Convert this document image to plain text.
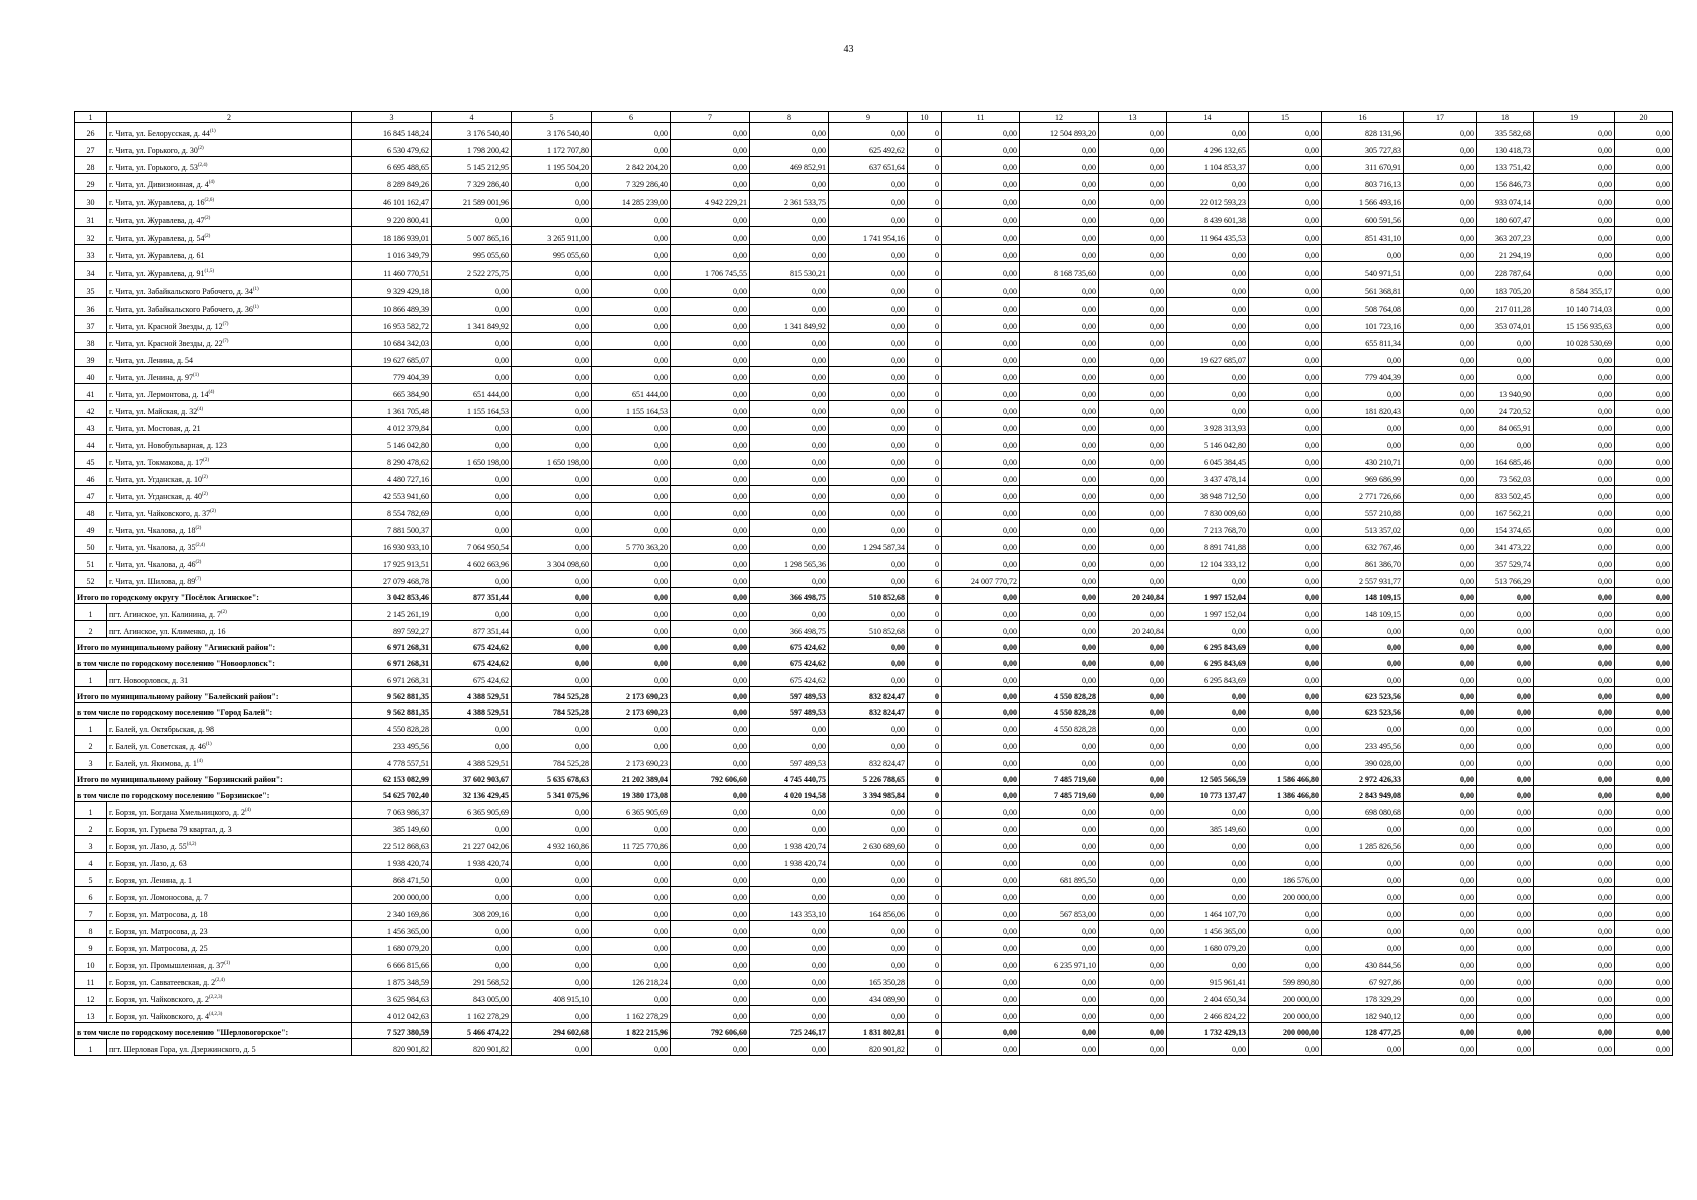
43
1	2	3	4	5	6	7	8	9	10	11	12	13	14	15	16	17	18	19	20
26	г. Чита, ул. Белорусская, д. 44$^{(1)}$	16 845 148,24	3 176 540,40	3 176 540,40	0,00	0,00	0,00	0,00	0	0,00	12 504 893,20	0,00	0,00	0,00	828 131,96	0,00	335 582,68	0,00	0,00
27	г. Чита, ул. Горького, д. 30$^{(2)}$	6 530 479,62	1 798 200,42	1 172 707,80	0,00	0,00	0,00	625 492,62	0	0,00	0,00	0,00	4 296 132,65	0,00	305 727,83	0,00	130 418,73	0,00	0,00
28	г. Чита, ул. Горького, д. 53$^{(2,4)}$	6 695 488,65	5 145 212,95	1 195 504,20	2 842 204,20	0,00	469 852,91	637 651,64	0	0,00	0,00	0,00	1 104 853,37	0,00	311 670,91	0,00	133 751,42	0,00	0,00
29	г. Чита, ул. Дивизионная, д. 4$^{(4)}$	8 289 849,26	7 329 286,40	0,00	7 329 286,40	0,00	0,00	0,00	0	0,00	0,00	0,00	0,00	0,00	803 716,13	0,00	156 846,73	0,00	0,00
30	г. Чита, ул. Журавлева, д. 16$^{(2,6)}$	46 101 162,47	21 589 001,96	0,00	14 285 239,00	4 942 229,21	2 361 533,75	0,00	0	0,00	0,00	0,00	22 012 593,23	0,00	1 566 493,16	0,00	933 074,14	0,00	0,00
31	г. Чита, ул. Журавлева, д. 47$^{(2)}$	9 220 800,41	0,00	0,00	0,00	0,00	0,00	0,00	0	0,00	0,00	0,00	8 439 601,38	0,00	600 591,56	0,00	180 607,47	0,00	0,00
32	г. Чита, ул. Журавлева, д. 54$^{(2)}$	18 186 939,01	5 007 865,16	3 265 911,00	0,00	0,00	0,00	1 741 954,16	0	0,00	0,00	0,00	11 964 435,53	0,00	851 431,10	0,00	363 207,23	0,00	0,00
33	г. Чита, ул. Журавлева, д. 61	1 016 349,79	995 055,60	995 055,60	0,00	0,00	0,00	0,00	0	0,00	0,00	0,00	0,00	0,00	0,00	0,00	21 294,19	0,00	0,00
34	г. Чита, ул. Журавлева, д. 91$^{(1,5)}$	11 460 770,51	2 522 275,75	0,00	0,00	1 706 745,55	815 530,21	0,00	0	0,00	8 168 735,60	0,00	0,00	0,00	540 971,51	0,00	228 787,64	0,00	0,00
35	г. Чита, ул. Забайкальского Рабочего, д. 34$^{(1)}$	9 329 429,18	0,00	0,00	0,00	0,00	0,00	0,00	0	0,00	0,00	0,00	0,00	0,00	561 368,81	0,00	183 705,20	8 584 355,17	0,00
36	г. Чита, ул. Забайкальского Рабочего, д. 36$^{(1)}$	10 866 489,39	0,00	0,00	0,00	0,00	0,00	0,00	0	0,00	0,00	0,00	0,00	0,00	508 764,08	0,00	217 011,28	10 140 714,03	0,00
37	г. Чита, ул. Красной Звезды, д. 12$^{(7)}$	16 953 582,72	1 341 849,92	0,00	0,00	0,00	1 341 849,92	0,00	0	0,00	0,00	0,00	0,00	0,00	101 723,16	0,00	353 074,01	15 156 935,63	0,00
38	г. Чита, ул. Красной Звезды, д. 22$^{(7)}$	10 684 342,03	0,00	0,00	0,00	0,00	0,00	0,00	0	0,00	0,00	0,00	0,00	0,00	655 811,34	0,00	0,00	10 028 530,69	0,00
39	г. Чита, ул. Ленина, д. 54	19 627 685,07	0,00	0,00	0,00	0,00	0,00	0,00	0	0,00	0,00	0,00	19 627 685,07	0,00	0,00	0,00	0,00	0,00	0,00
40	г. Чита, ул. Ленина, д. 97$^{(1)}$	779 404,39	0,00	0,00	0,00	0,00	0,00	0,00	0	0,00	0,00	0,00	0,00	0,00	779 404,39	0,00	0,00	0,00	0,00
41	г. Чита, ул. Лермонтова, д. 14$^{(4)}$	665 384,90	651 444,00	0,00	651 444,00	0,00	0,00	0,00	0	0,00	0,00	0,00	0,00	0,00	0,00	0,00	13 940,90	0,00	0,00
42	г. Чита, ул. Майская, д. 32$^{(4)}$	1 361 705,48	1 155 164,53	0,00	1 155 164,53	0,00	0,00	0,00	0	0,00	0,00	0,00	0,00	0,00	181 820,43	0,00	24 720,52	0,00	0,00
43	г. Чита, ул. Мостовая, д. 21	4 012 379,84	0,00	0,00	0,00	0,00	0,00	0,00	0	0,00	0,00	0,00	3 928 313,93	0,00	0,00	0,00	84 065,91	0,00	0,00
44	г. Чита, ул. Новобульварная, д. 123	5 146 042,80	0,00	0,00	0,00	0,00	0,00	0,00	0	0,00	0,00	0,00	5 146 042,80	0,00	0,00	0,00	0,00	0,00	0,00
45	г. Чита, ул. Токмакова, д. 17$^{(2)}$	8 290 478,62	1 650 198,00	1 650 198,00	0,00	0,00	0,00	0,00	0	0,00	0,00	0,00	6 045 384,45	0,00	430 210,71	0,00	164 685,46	0,00	0,00
46	г. Чита, ул. Угданская, д. 10$^{(2)}$	4 480 727,16	0,00	0,00	0,00	0,00	0,00	0,00	0	0,00	0,00	0,00	3 437 478,14	0,00	969 686,99	0,00	73 562,03	0,00	0,00
47	г. Чита, ул. Угданская, д. 40$^{(2)}$	42 553 941,60	0,00	0,00	0,00	0,00	0,00	0,00	0	0,00	0,00	0,00	38 948 712,50	0,00	2 771 726,66	0,00	833 502,45	0,00	0,00
48	г. Чита, ул. Чайковского, д. 37$^{(2)}$	8 554 782,69	0,00	0,00	0,00	0,00	0,00	0,00	0	0,00	0,00	0,00	7 830 009,60	0,00	557 210,88	0,00	167 562,21	0,00	0,00
49	г. Чита, ул. Чкалова, д. 18$^{(2)}$	7 881 500,37	0,00	0,00	0,00	0,00	0,00	0,00	0	0,00	0,00	0,00	7 213 768,70	0,00	513 357,02	0,00	154 374,65	0,00	0,00
50	г. Чита, ул. Чкалова, д. 35$^{(2,4)}$	16 930 933,10	7 064 950,54	0,00	5 770 363,20	0,00	0,00	1 294 587,34	0	0,00	0,00	0,00	8 891 741,88	0,00	632 767,46	0,00	341 473,22	0,00	0,00
51	г. Чита, ул. Чкалова, д. 46$^{(2)}$	17 925 913,51	4 602 663,96	3 304 098,60	0,00	0,00	1 298 565,36	0,00	0	0,00	0,00	0,00	12 104 333,12	0,00	861 386,70	0,00	357 529,74	0,00	0,00
52	г. Чита, ул. Шилова, д. 89$^{(7)}$	27 079 468,78	0,00	0,00	0,00	0,00	0,00	0,00	6	24 007 770,72	0,00	0,00	0,00	0,00	2 557 931,77	0,00	513 766,29	0,00	0,00
Итого по городскому округу "Посёлок Агинское":		3 042 853,46	877 351,44	0,00	0,00	0,00	366 498,75	510 852,68	0	0,00	0,00	20 240,84	1 997 152,04	0,00	148 109,15	0,00	0,00	0,00	0,00
1	пгт. Агинское, ул. Калинина, д. 7$^{(2)}$	2 145 261,19	0,00	0,00	0,00	0,00	0,00	0,00	0	0,00	0,00	0,00	1 997 152,04	0,00	148 109,15	0,00	0,00	0,00	0,00
2	пгт. Агинское, ул. Клименко, д. 16	897 592,27	877 351,44	0,00	0,00	0,00	366 498,75	510 852,68	0	0,00	0,00	20 240,84	0,00	0,00	0,00	0,00	0,00	0,00	0,00
Итого по муниципальному району "Агинский район":		6 971 268,31	675 424,62	0,00	0,00	0,00	675 424,62	0,00	0	0,00	0,00	0,00	6 295 843,69	0,00	0,00	0,00	0,00	0,00	0,00
в том числе по городскому поселению "Новоорловск":		6 971 268,31	675 424,62	0,00	0,00	0,00	675 424,62	0,00	0	0,00	0,00	0,00	6 295 843,69	0,00	0,00	0,00	0,00	0,00	0,00
1	пгт. Новоорловск, д. 31	6 971 268,31	675 424,62	0,00	0,00	0,00	675 424,62	0,00	0	0,00	0,00	0,00	6 295 843,69	0,00	0,00	0,00	0,00	0,00	0,00
Итого по муниципальному району "Балейский район":		9 562 881,35	4 388 529,51	784 525,28	2 173 690,23	0,00	597 489,53	832 824,47	0	0,00	4 550 828,28	0,00	0,00	0,00	623 523,56	0,00	0,00	0,00	0,00
в том числе по городскому поселению "Город Балей":		9 562 881,35	4 388 529,51	784 525,28	2 173 690,23	0,00	597 489,53	832 824,47	0	0,00	4 550 828,28	0,00	0,00	0,00	623 523,56	0,00	0,00	0,00	0,00
1	г. Балей, ул. Октябрьская, д. 98	4 550 828,28	0,00	0,00	0,00	0,00	0,00	0,00	0	0,00	4 550 828,28	0,00	0,00	0,00	0,00	0,00	0,00	0,00	0,00
2	г. Балей, ул. Советская, д. 46$^{(1)}$	233 495,56	0,00	0,00	0,00	0,00	0,00	0,00	0	0,00	0,00	0,00	0,00	0,00	233 495,56	0,00	0,00	0,00	0,00
3	г. Балей, ул. Якимова, д. 1$^{(4)}$	4 778 557,51	4 388 529,51	784 525,28	2 173 690,23	0,00	597 489,53	832 824,47	0	0,00	0,00	0,00	0,00	0,00	390 028,00	0,00	0,00	0,00	0,00
Итого по муниципальному району "Борзинский район":		62 153 082,99	37 602 903,67	5 635 678,63	21 202 389,04	792 606,60	4 745 440,75	5 226 788,65	0	0,00	7 485 719,60	0,00	12 505 566,59	1 586 466,80	2 972 426,33	0,00	0,00	0,00	0,00
в том числе по городскому поселению "Борзинское":		54 625 702,40	32 136 429,45	5 341 075,96	19 380 173,08	0,00	4 020 194,58	3 394 985,84	0	0,00	7 485 719,60	0,00	10 773 137,47	1 386 466,80	2 843 949,08	0,00	0,00	0,00	0,00
1	г. Борзя, ул. Богдана Хмельницкого, д. 2$^{(4)}$	7 063 986,37	6 365 905,69	0,00	6 365 905,69	0,00	0,00	0,00	0	0,00	0,00	0,00	0,00	0,00	698 080,68	0,00	0,00	0,00	0,00
2	г. Борзя, ул. Гурьева 79 квартал, д. 3	385 149,60	0,00	0,00	0,00	0,00	0,00	0,00	0	0,00	0,00	0,00	385 149,60	0,00	0,00	0,00	0,00	0,00	0,00
3	г. Борзя, ул. Лазо, д. 55$^{(4,2)}$	22 512 868,63	21 227 042,06	4 932 160,86	11 725 770,86	0,00	1 938 420,74	2 630 689,60	0	0,00	0,00	0,00	0,00	0,00	1 285 826,56	0,00	0,00	0,00	0,00
4	г. Борзя, ул. Лазо, д. 63	1 938 420,74	1 938 420,74	0,00	0,00	0,00	1 938 420,74	0,00	0	0,00	0,00	0,00	0,00	0,00	0,00	0,00	0,00	0,00	0,00
5	г. Борзя, ул. Ленина, д. 1	868 471,50	0,00	0,00	0,00	0,00	0,00	0,00	0	0,00	681 895,50	0,00	0,00	186 576,00	0,00	0,00	0,00	0,00	0,00
6	г. Борзя, ул. Ломоносова, д. 7	200 000,00	0,00	0,00	0,00	0,00	0,00	0,00	0	0,00	0,00	0,00	0,00	200 000,00	0,00	0,00	0,00	0,00	0,00
7	г. Борзя, ул. Матросова, д. 18	2 340 169,86	308 209,16	0,00	0,00	0,00	143 353,10	164 856,06	0	0,00	567 853,00	0,00	1 464 107,70	0,00	0,00	0,00	0,00	0,00	0,00
8	г. Борзя, ул. Матросова, д. 23	1 456 365,00	0,00	0,00	0,00	0,00	0,00	0,00	0	0,00	0,00	0,00	1 456 365,00	0,00	0,00	0,00	0,00	0,00	0,00
9	г. Борзя, ул. Матросова, д. 25	1 680 079,20	0,00	0,00	0,00	0,00	0,00	0,00	0	0,00	0,00	0,00	1 680 079,20	0,00	0,00	0,00	0,00	0,00	0,00
10	г. Борзя, ул. Промышленная, д. 37$^{(1)}$	6 666 815,66	0,00	0,00	0,00	0,00	0,00	0,00	0	0,00	6 235 971,10	0,00	0,00	0,00	430 844,56	0,00	0,00	0,00	0,00
11	г. Борзя, ул. Савватеевская, д. 2$^{(2,4)}$	1 875 348,59	291 568,52	0,00	126 218,24	0,00	0,00	165 350,28	0	0,00	0,00	0,00	915 961,41	599 890,80	67 927,86	0,00	0,00	0,00	0,00
12	г. Борзя, ул. Чайковского, д. 2$^{(2,2,3)}$	3 625 984,63	843 005,00	408 915,10	0,00	0,00	0,00	434 089,90	0	0,00	0,00	0,00	2 404 650,34	200 000,00	178 329,29	0,00	0,00	0,00	0,00
13	г. Борзя, ул. Чайковского, д. 4$^{(4,2,3)}$	4 012 042,63	1 162 278,29	0,00	1 162 278,29	0,00	0,00	0,00	0	0,00	0,00	0,00	2 466 824,22	200 000,00	182 940,12	0,00	0,00	0,00	0,00
в том числе по городскому поселению "Шерловогорское":		7 527 380,59	5 466 474,22	294 602,68	1 822 215,96	792 606,60	725 246,17	1 831 802,81	0	0,00	0,00	0,00	1 732 429,13	200 000,00	128 477,25	0,00	0,00	0,00	0,00
1	пгт. Шерловая Гора, ул. Дзержинского, д. 5	820 901,82	820 901,82	0,00	0,00	0,00	0,00	820 901,82	0	0,00	0,00	0,00	0,00	0,00	0,00	0,00	0,00	0,00	0,00
